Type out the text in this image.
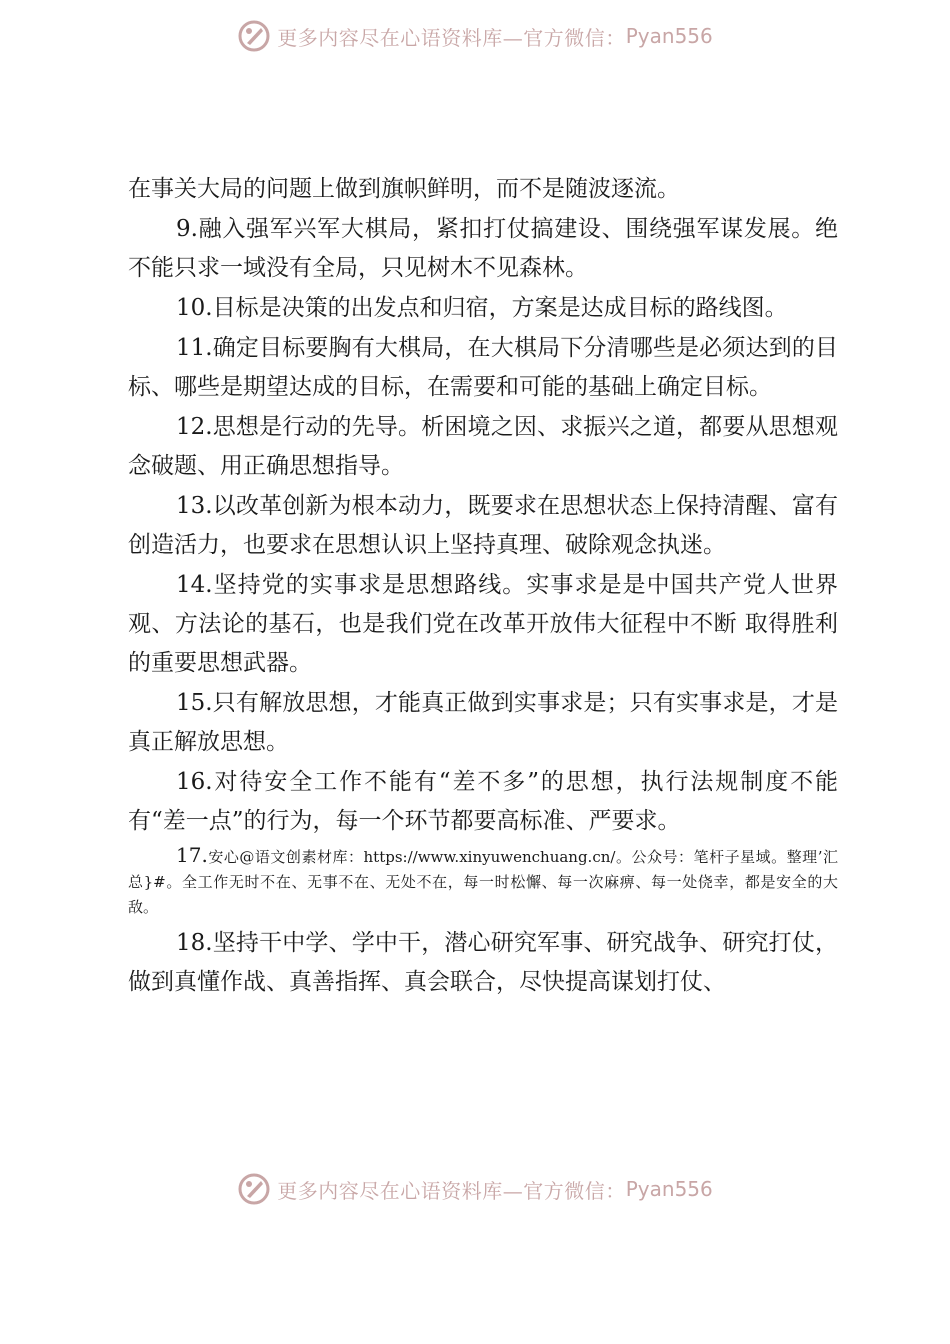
更多内容尽在心语资料库—官方微信： Pyan556

在事关大局的问题上做到旗帜鲜明，而不是随波逐流。

9.融入强军兴军大棋局，紧扣打仗搞建设、围绕强军谋发展。绝不能只求一域没有全局，只见树木不见森林。

10.目标是决策的出发点和归宿，方案是达成目标的路线图。

11.确定目标要胸有大棋局，在大棋局下分清哪些是必须达到的目标、哪些是期望达成的目标，在需要和可能的基础上确定目标。

12.思想是行动的先导。析困境之因、求振兴之道，都要从思想观念破题、用正确思想指导。

13.以改革创新为根本动力，既要求在思想状态上保持清醒、富有创造活力，也要求在思想认识上坚持真理、破除观念执迷。

14.坚持党的实事求是思想路线。实事求是是中国共产党人世界观、方法论的基石，也是我们党在改革开放伟大征程中不断 取得胜利的重要思想武器。

15.只有解放思想，才能真正做到实事求是；只有实事求是，才是真正解放思想。

16.对待安全工作不能有“差不多”的思想，执行法规制度不能有“差一点”的行为，每一个环节都要高标准、严要求。

17.安心@语文创素材库：https://www.xinyuwenchuang.cn/。公众号：笔杆子星域。整理’汇总}#。全工作无时不在、无事不在、无处不在，每一时松懈、每一次麻痹、每一处侥幸，都是安全的大敌。

18.坚持干中学、学中干，潜心研究军事、研究战争、研究打仗，做到真懂作战、真善指挥、真会联合，尽快提高谋划打仗、

更多内容尽在心语资料库—官方微信： Pyan556
